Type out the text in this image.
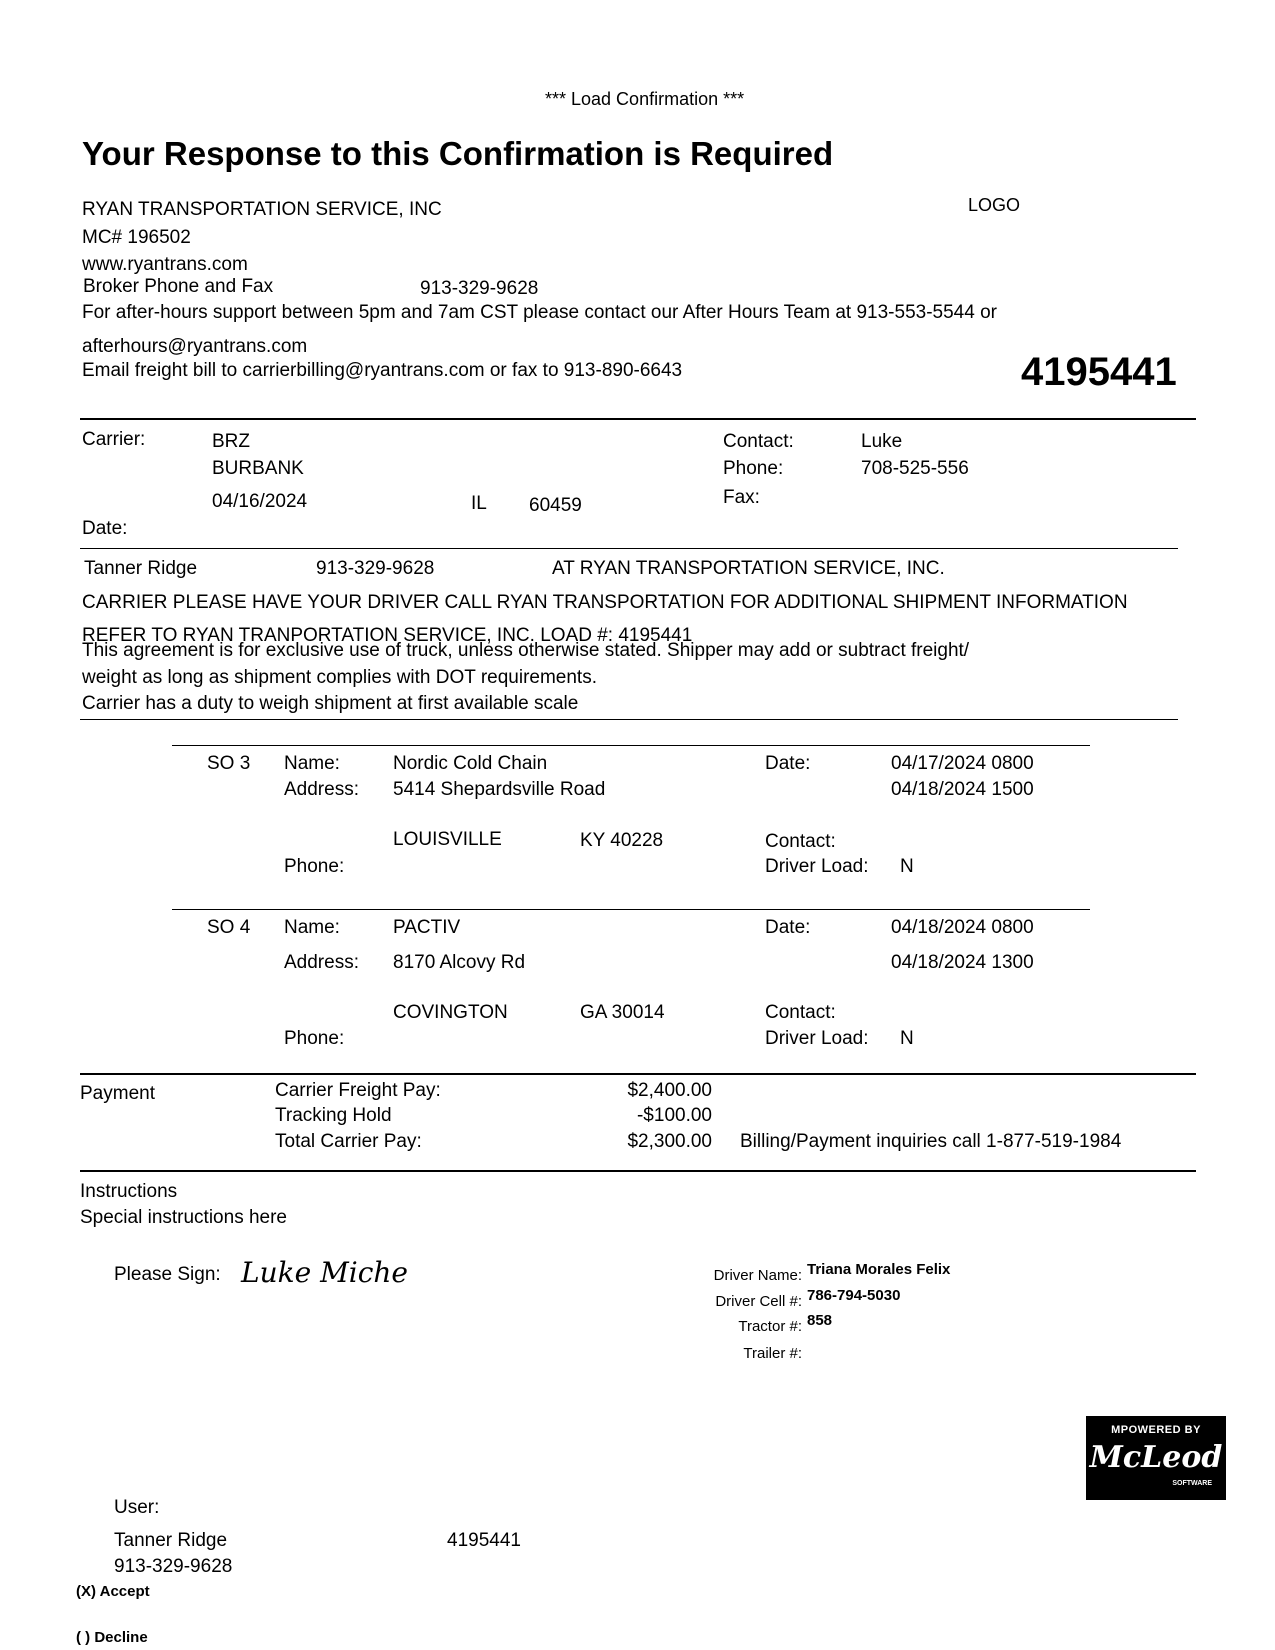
*** Load Confirmation ***
Your Response to this Confirmation is Required
LOGO
RYAN TRANSPORTATION SERVICE, INC
MC# 196502
www.ryantrans.com
Broker Phone and Fax	913-329-9628
For after-hours support between 5pm and 7am CST please contact our After Hours Team at 913-553-5544 or
afterhours@ryantrans.com
Email freight bill to carrierbilling@ryantrans.com or fax to 913-890-6643	4195441
Carrier:	BRZ
BURBANK
04/16/2024	IL 60459
Date:
Contact:	Luke
Phone:	708-525-556
Fax:
Tanner Ridge	913-329-9628	AT RYAN TRANSPORTATION SERVICE, INC.
CARRIER PLEASE HAVE YOUR DRIVER CALL RYAN TRANSPORTATION FOR ADDITIONAL SHIPMENT INFORMATION
REFER TO RYAN TRANPORTATION SERVICE, INC. LOAD #: 4195441
This agreement is for exclusive use of truck, unless otherwise stated. Shipper may add or subtract freight/
weight as long as shipment complies with DOT requirements.
Carrier has a duty to weigh shipment at first available scale
SO 3 Name:	Nordic Cold Chain
Address: 5414 Shepardsville Road
LOUISVILLE	KY 40228
Phone:
Date:	04/17/2024 0800
04/18/2024 1500
Contact:
Driver Load: N
SO 4 Name:	PACTIV
Address: 8170 Alcovy Rd
COVINGTON	GA 30014
Phone:
Date:	04/18/2024 0800
04/18/2024 1300
Contact:
Driver Load: N
Payment	Carrier Freight Pay:	$2,400.00
Tracking Hold	-$100.00
Total Carrier Pay:	$2,300.00 Billing/Payment inquiries call 1-877-519-1984
Instructions
Special instructions here
Please Sign: Luke Miche	Driver Name: Triana Morales Felix
Driver Cell #: 786-794-5030
Tractor #: 858
Trailer #:
MPOWERED BY
McLeod
SOFTWARE
User:
Tanner Ridge	4195441
913-329-9628
(X) Accept
( ) Decline
